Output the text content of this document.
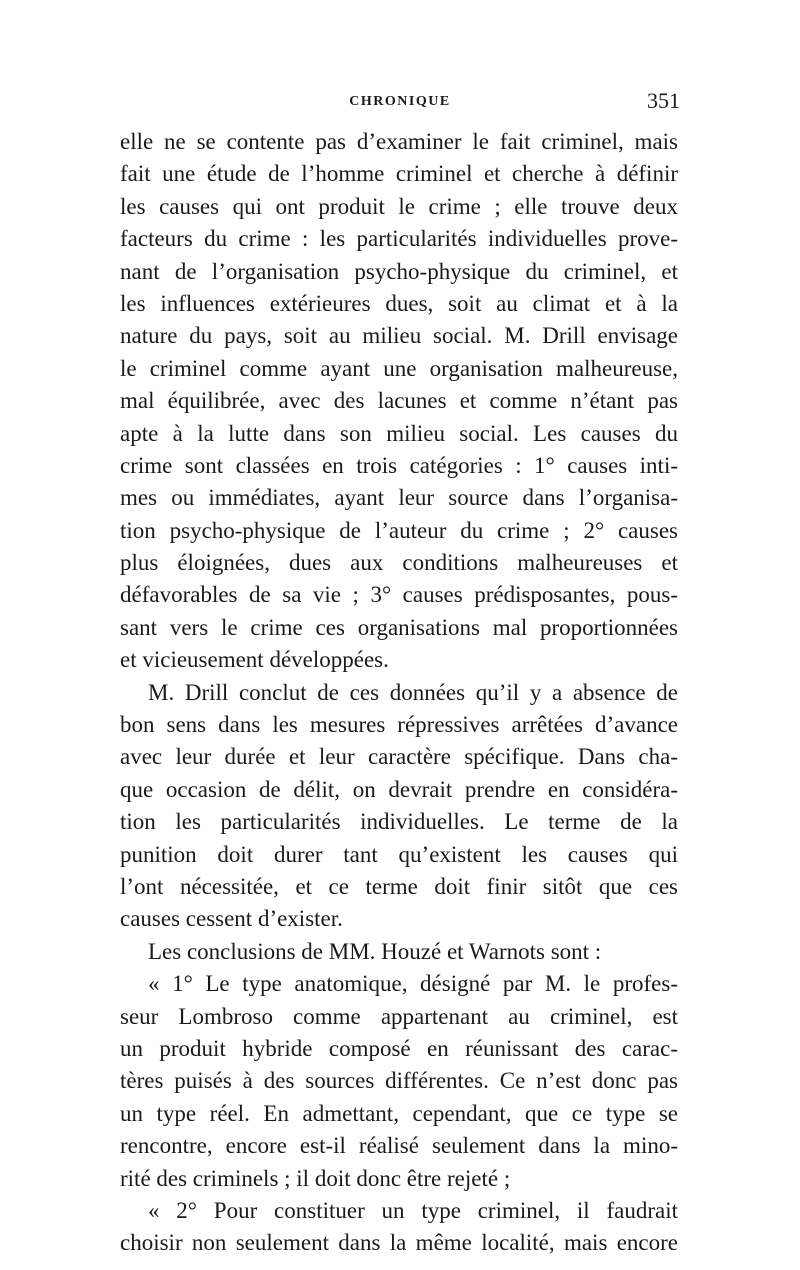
CHRONIQUE	351
elle ne se contente pas d’examiner le fait criminel, mais
fait une étude de l’homme criminel et cherche à définir
les causes qui ont produit le crime ; elle trouve deux
facteurs du crime : les particularités individuelles prove-
nant de l’organisation psycho-physique du criminel, et
les influences extérieures dues, soit au climat et à la
nature du pays, soit au milieu social. M. Drill envisage
le criminel comme ayant une organisation malheureuse,
mal équilibrée, avec des lacunes et comme n’étant pas
apte à la lutte dans son milieu social. Les causes du
crime sont classées en trois catégories : 1° causes inti-
mes ou immédiates, ayant leur source dans l’organisa-
tion psycho-physique de l’auteur du crime ; 2° causes
plus éloignées, dues aux conditions malheureuses et
défavorables de sa vie ; 3° causes prédisposantes, pous-
sant vers le crime ces organisations mal proportionnées
et vicieusement développées.
M. Drill conclut de ces données qu’il y a absence de
bon sens dans les mesures répressives arrêtées d’avance
avec leur durée et leur caractère spécifique. Dans cha-
que occasion de délit, on devrait prendre en considéra-
tion les particularités individuelles. Le terme de la
punition doit durer tant qu’existent les causes qui
l’ont nécessitée, et ce terme doit finir sitôt que ces
causes cessent d’exister.
Les conclusions de MM. Houzé et Warnots sont :
« 1° Le type anatomique, désigné par M. le profes-
seur Lombroso comme appartenant au criminel, est
un produit hybride composé en réunissant des carac-
tères puisés à des sources différentes. Ce n’est donc pas
un type réel. En admettant, cependant, que ce type se
rencontre, encore est-il réalisé seulement dans la mino-
rité des criminels ; il doit donc être rejeté ;
« 2° Pour constituer un type criminel, il faudrait
choisir non seulement dans la même localité, mais encore
